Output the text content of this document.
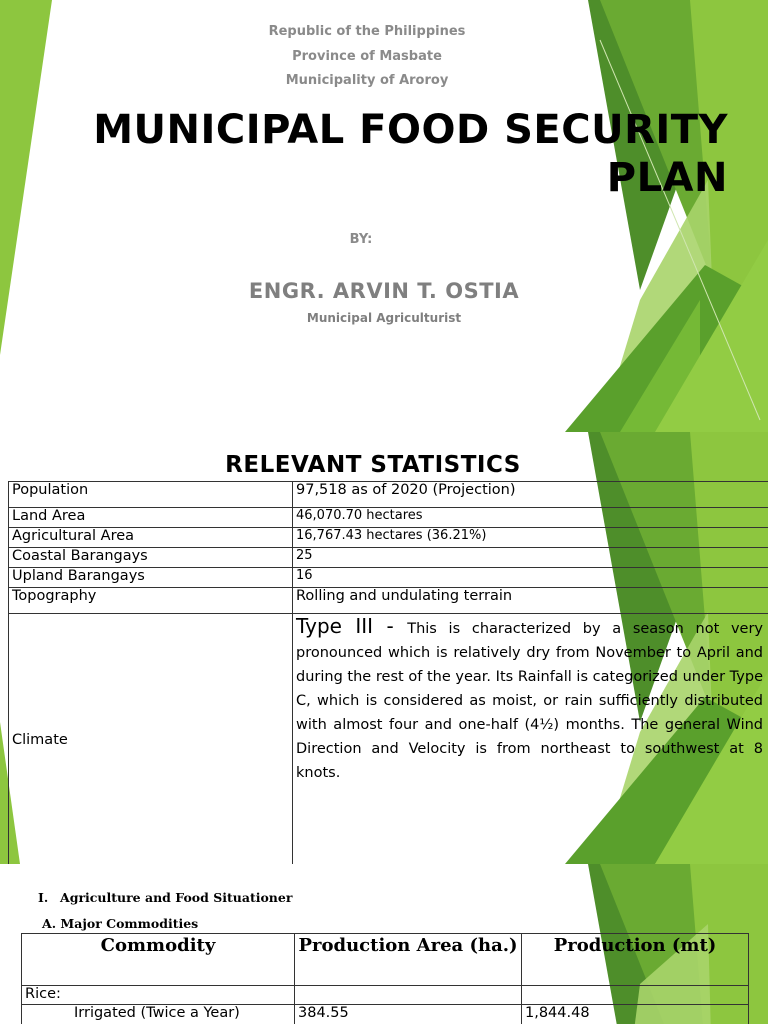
Republic of the Philippines
Province of Masbate
Municipality of Aroroy
MUNICIPAL FOOD SECURITY
PLAN
BY:
ENGR. ARVIN T. OSTIA
Municipal Agriculturist
RELEVANT STATISTICS
Population	97,518 as of 2020 (Projection)
Land Area	46,070.70 hectares
Agricultural Area	16,767.43 hectares (36.21%)
Coastal Barangays	25
Upland Barangays	16
Topography	Rolling and undulating terrain
Climate	Type III - This is characterized by a season not very pronounced which is relatively dry from November to April and during the rest of the year. Its Rainfall is categorized under Type C, which is considered as moist, or rain sufficiently distributed with almost four and one-half (4½) months. The general Wind Direction and Velocity is from northeast to southwest at 8 knots.
I. Agriculture and Food Situationer
A. Major Commodities
Commodity	Production Area (ha.)	Production (mt)
Rice:		
Irrigated (Twice a Year)	384.55	1,844.48
